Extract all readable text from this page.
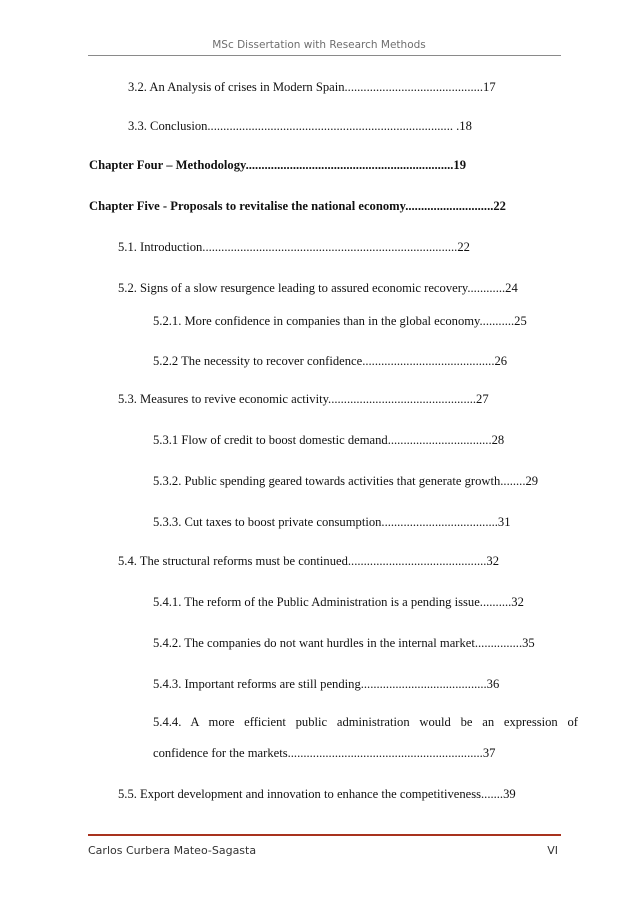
MSc Dissertation with Research Methods
3.2. An Analysis of crises in Modern Spain............................................17
3.3. Conclusion.............................................................................. .18
Chapter Four – Methodology..................................................................19
Chapter Five - Proposals to revitalise the national economy............................22
5.1. Introduction.................................................................................22
5.2. Signs of a slow resurgence leading to assured economic recovery............24
5.2.1. More confidence in companies than in the global economy...........25
5.2.2 The necessity to recover confidence..........................................26
5.3. Measures to revive economic activity...............................................27
5.3.1 Flow of credit to boost domestic demand.................................28
5.3.2. Public spending geared towards activities that generate growth........29
5.3.3. Cut taxes to boost private consumption.....................................31
5.4. The structural reforms must be continued............................................32
5.4.1. The reform of the Public Administration is a pending issue..........32
5.4.2. The companies do not want hurdles in the internal market...............35
5.4.3. Important reforms are still pending........................................36
5.4.4. A more efficient public administration would be an expression of
confidence for the markets..............................................................37
5.5. Export development and innovation to enhance the competitiveness.......39
Carlos Curbera Mateo-Sagasta	VI
